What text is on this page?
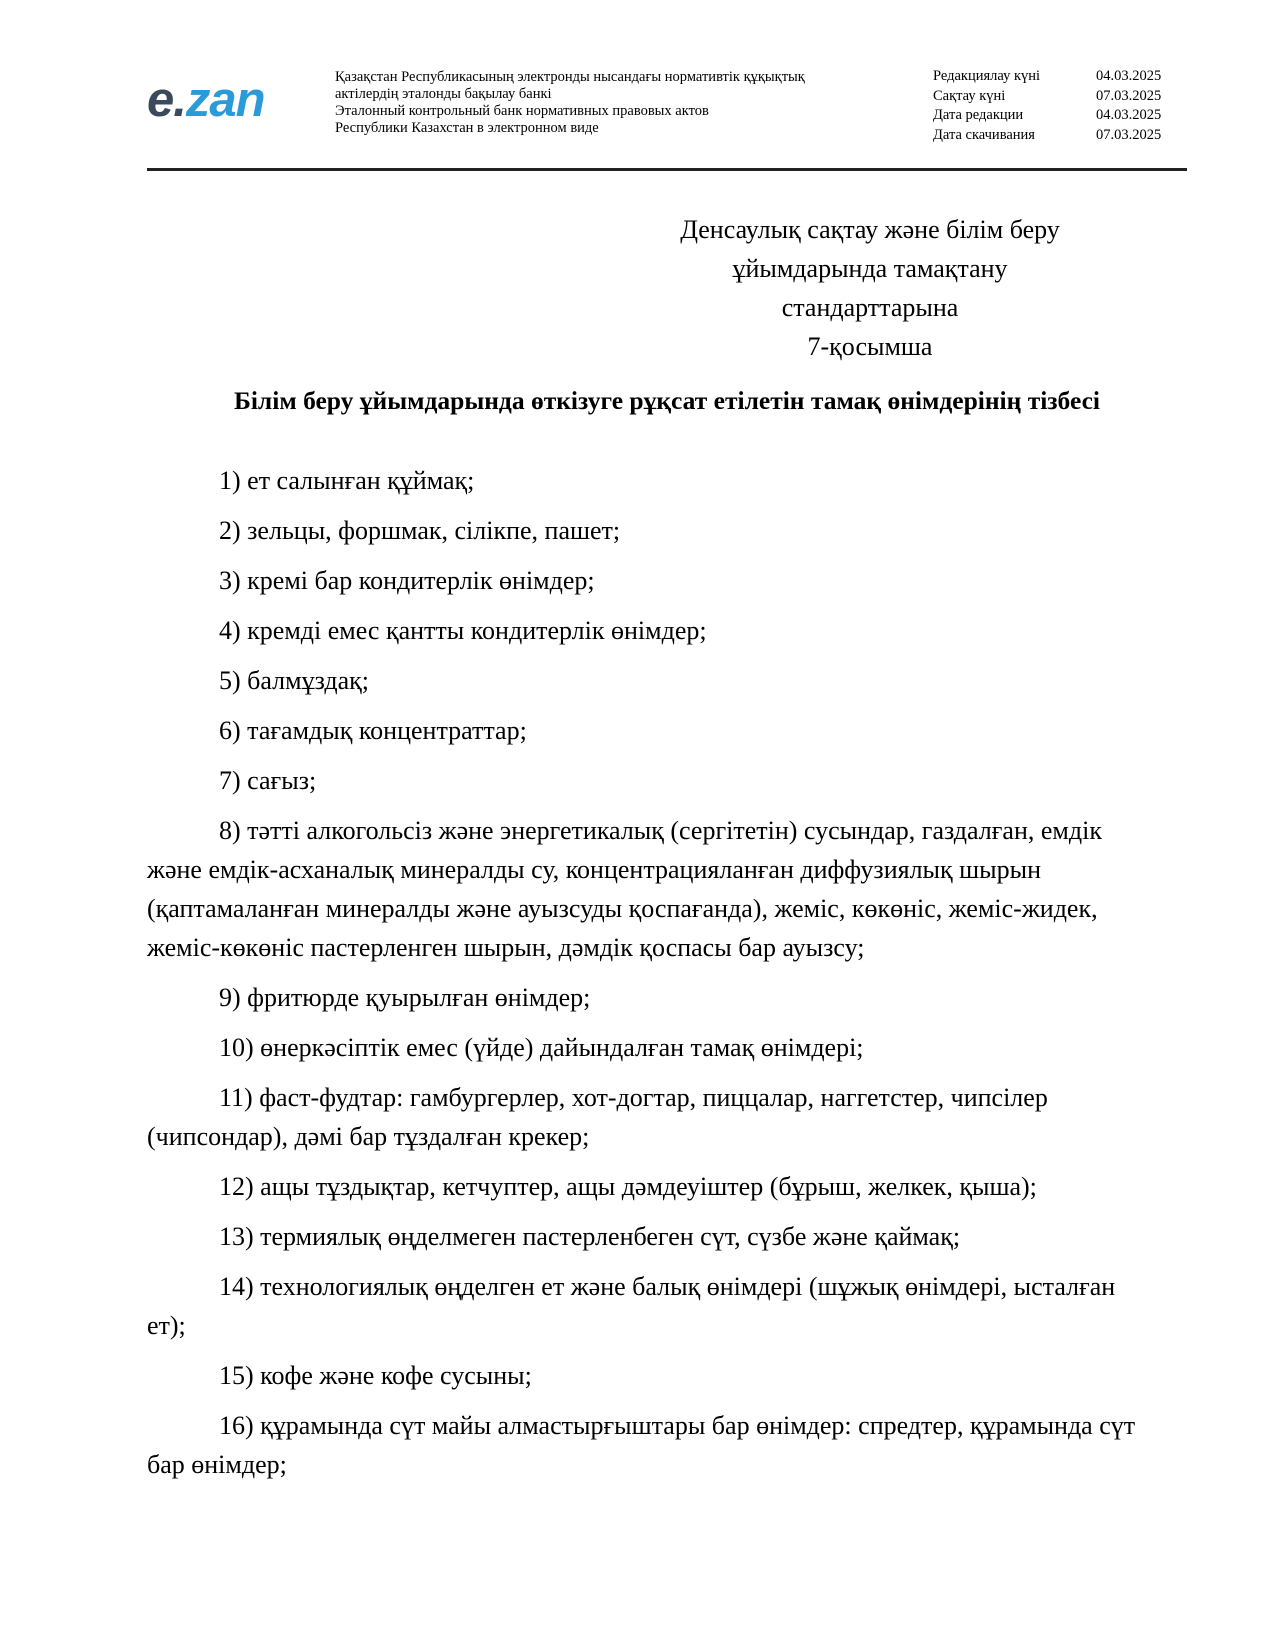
e.zan	Қазақстан Республикасының электронды нысандағы нормативтік құқықтық
актілердің эталонды бақылау банкі
Эталонный контрольный банк нормативных правовых актов
Республики Казахстан в электронном виде
Редакциялау күні	04.03.2025
Сақтау күні	07.03.2025
Дата редакции	04.03.2025
Дата скачивания	07.03.2025
Денсаулық сақтау және білім беру
ұйымдарында тамақтану
стандарттарына
7-қосымша
Білім беру ұйымдарында өткізуге рұқсат етілетін тамақ өнімдерінің тізбесі

1) ет салынған құймақ;

2) зельцы, форшмак, сілікпе, пашет;

3) кремі бар кондитерлік өнімдер;

4) кремді емес қантты кондитерлік өнімдер;

5) балмұздақ;

6) тағамдық концентраттар;

7) сағыз;

8) тәтті алкогольсіз және энергетикалық (сергітетін) сусындар, газдалған, емдік және емдік-асханалық минералды су, концентрацияланған диффузиялық шырын (қаптамаланған минералды және ауызсуды қоспағанда), жеміс, көкөніс, жеміс-жидек, жеміс-көкөніс пастерленген шырын, дәмдік қоспасы бар ауызсу;

9) фритюрде қуырылған өнімдер;

10) өнеркәсіптік емес (үйде) дайындалған тамақ өнімдері;

11) фаст-фудтар: гамбургерлер, хот-догтар, пиццалар, наггетстер, чипсілер (чипсондар), дәмі бар тұздалған крекер;

12) ащы тұздықтар, кетчуптер, ащы дәмдеуіштер (бұрыш, желкек, қыша);

13) термиялық өңделмеген пастерленбеген сүт, сүзбе және қаймақ;

14) технологиялық өңделген ет және балық өнімдері (шұжық өнімдері, ысталған ет);

15) кофе және кофе сусыны;

16) құрамында сүт майы алмастырғыштары бар өнімдер: спредтер, құрамында сүт бар өнімдер;
